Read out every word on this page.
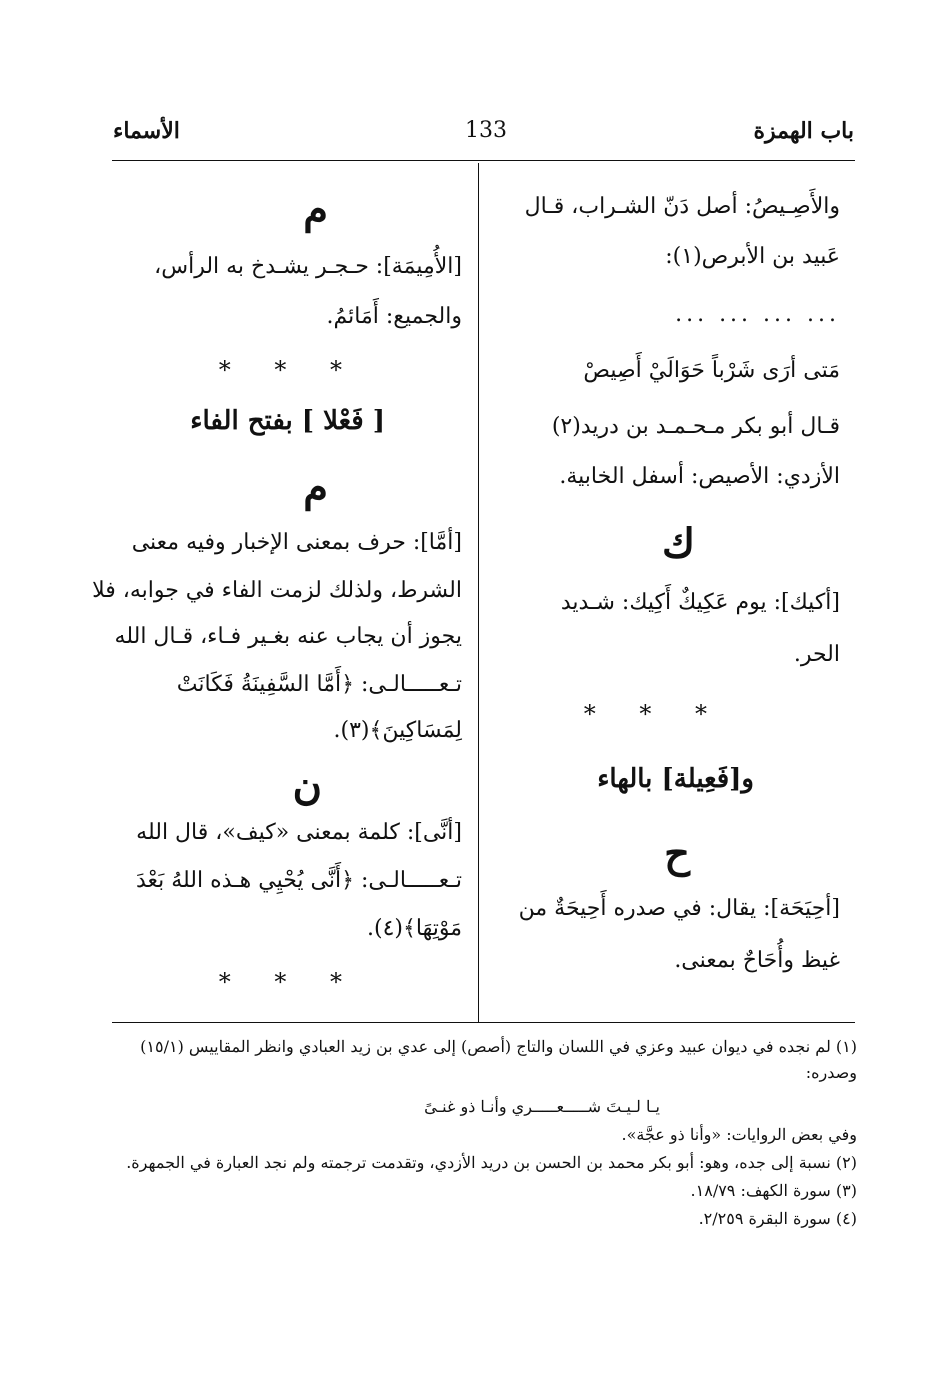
باب الهمزة
133
الأسماء
والأَصِـيصُ: أصل دَنّ الشـراب، قـال
عَبيد بن الأبرص(١):
... ... ... ...
مَتى أرَى شَرْباً حَوَالَيْ أَصِيصْ
قـال أبو بكر مـحـمـد بن دريد(٢)
الأزدي: الأصيص: أسفل الخابية.
ك
[أكيك]: يوم عَكِيكٌ أَكِيك: شـديد
الحر.
* * *
و[فَعِيلة] بالهاء
ح
[أحِيَحَة]: يقال: في صدره أَحِيحَةٌ من
غيظ وأُحَاحٌ بمعنى.
م
[الأُمِيمَة]: حـجـر يشـدخ به الرأس،
والجميع: أَمَائمُ.
* * *
[ فَعْلا ] بفتح الفاء
م
[أمَّا]: حرف بمعنى الإخبار وفيه معنى
الشرط، ولذلك لزمت الفاء في جوابه، فلا
يجوز أن يجاب عنه بغـير فـاء، قـال الله
تـعـــــالـى: ﴿أَمَّا السَّفِينَةُ فَكَانَتْ
لِمَسَاكِينَ﴾(٣).
ن
[أنَّى]: كلمة بمعنى «كيف»، قال الله
تـعـــــالـى: ﴿أَنَّى يُحْيِي هـذه اللهُ بَعْدَ
مَوْتِهَا﴾(٤).
* * *
(١) لم نجده في ديوان عبيد وعزي في اللسان والتاج (أصص) إلى عدي بن زيد العبادي وانظر المقاييس (١٥/١)
وصدره:
يـا لـيـتَ شـــــعـــــري وأنـا ذو غنـىً
وفي بعض الروايات: «وأنا ذو عجَّة».
(٢) نسبة إلى جده، وهو: أبو بكر محمد بن الحسن بن دريد الأزدي، وتقدمت ترجمته ولم نجد العبارة في الجمهرة.
(٣) سورة الكهف: ١٨/٧٩.
(٤) سورة البقرة ٢/٢٥٩.
